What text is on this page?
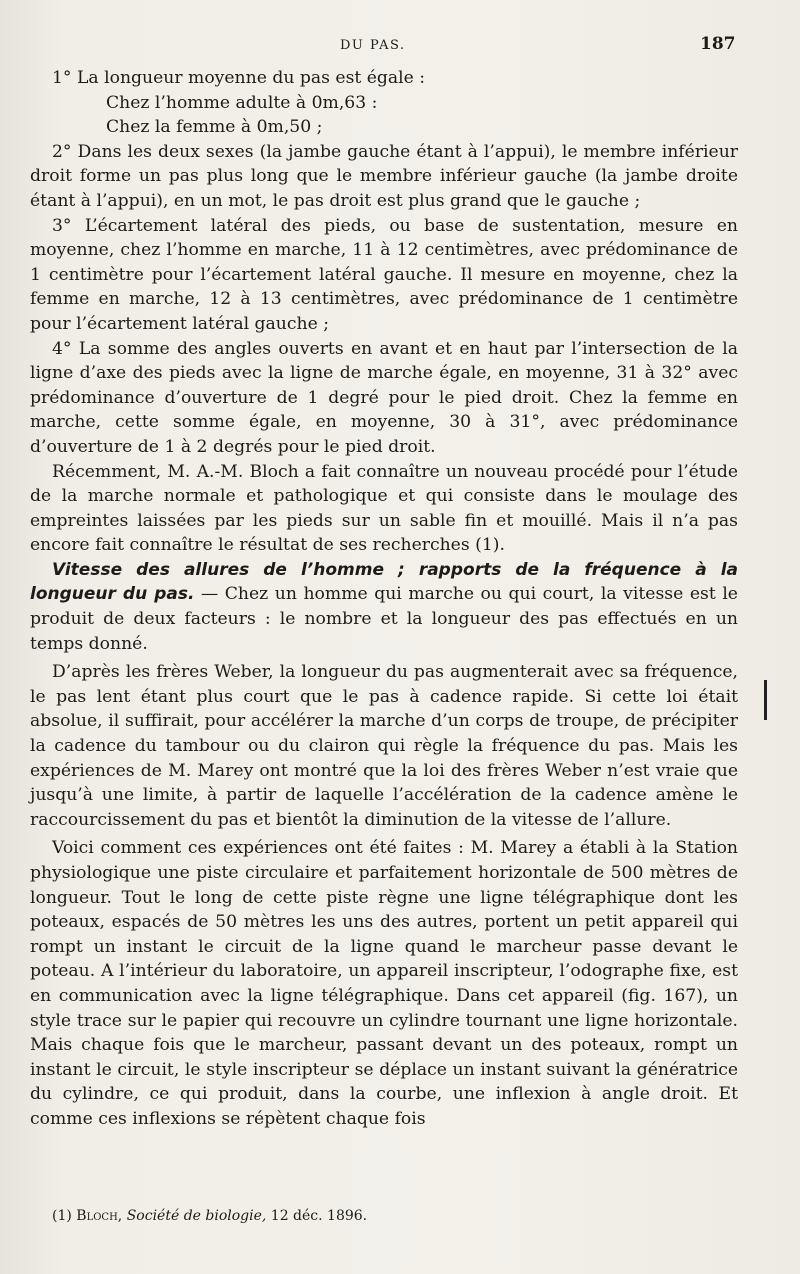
DU PAS.	187

1° La longueur moyenne du pas est égale :

Chez l’homme adulte à 0m,63 :

Chez la femme à 0m,50 ;

2° Dans les deux sexes (la jambe gauche étant à l’appui), le membre inférieur droit forme un pas plus long que le membre inférieur gauche (la jambe droite étant à l’appui), en un mot, le pas droit est plus grand que le gauche ;

3° L’écartement latéral des pieds, ou base de sustentation, mesure en moyenne, chez l’homme en marche, 11 à 12 centimètres, avec prédominance de 1 centimètre pour l’écartement latéral gauche. Il mesure en moyenne, chez la femme en marche, 12 à 13 centimètres, avec prédominance de 1 centimètre pour l’écartement latéral gauche ;

4° La somme des angles ouverts en avant et en haut par l’intersection de la ligne d’axe des pieds avec la ligne de marche égale, en moyenne, 31 à 32° avec prédominance d’ouverture de 1 degré pour le pied droit. Chez la femme en marche, cette somme égale, en moyenne, 30 à 31°, avec prédominance d’ouverture de 1 à 2 degrés pour le pied droit.

Récemment, M. A.-M. Bloch a fait connaître un nouveau procédé pour l’étude de la marche normale et pathologique et qui consiste dans le moulage des empreintes laissées par les pieds sur un sable fin et mouillé. Mais il n’a pas encore fait connaître le résultat de ses recherches (1).

Vitesse des allures de l’homme ; rapports de la fréquence à la longueur du pas. — Chez un homme qui marche ou qui court, la vitesse est le produit de deux facteurs : le nombre et la longueur des pas effectués en un temps donné.

D’après les frères Weber, la longueur du pas augmenterait avec sa fréquence, le pas lent étant plus court que le pas à cadence rapide. Si cette loi était absolue, il suffirait, pour accélérer la marche d’un corps de troupe, de précipiter la cadence du tambour ou du clairon qui règle la fréquence du pas. Mais les expériences de M. Marey ont montré que la loi des frères Weber n’est vraie que jusqu’à une limite, à partir de laquelle l’accélération de la cadence amène le raccourcissement du pas et bientôt la diminution de la vitesse de l’allure.

Voici comment ces expériences ont été faites : M. Marey a établi à la Station physiologique une piste circulaire et parfaitement horizontale de 500 mètres de longueur. Tout le long de cette piste règne une ligne télégraphique dont les poteaux, espacés de 50 mètres les uns des autres, portent un petit appareil qui rompt un instant le circuit de la ligne quand le marcheur passe devant le poteau. A l’intérieur du laboratoire, un appareil inscripteur, l’odographe fixe, est en communication avec la ligne télégraphique. Dans cet appareil (fig. 167), un style trace sur le papier qui recouvre un cylindre tournant une ligne horizontale. Mais chaque fois que le marcheur, passant devant un des poteaux, rompt un instant le circuit, le style inscripteur se déplace un instant suivant la génératrice du cylindre, ce qui produit, dans la courbe, une inflexion à angle droit. Et comme ces inflexions se répètent chaque fois

(1) Bloch, Société de biologie, 12 déc. 1896.
